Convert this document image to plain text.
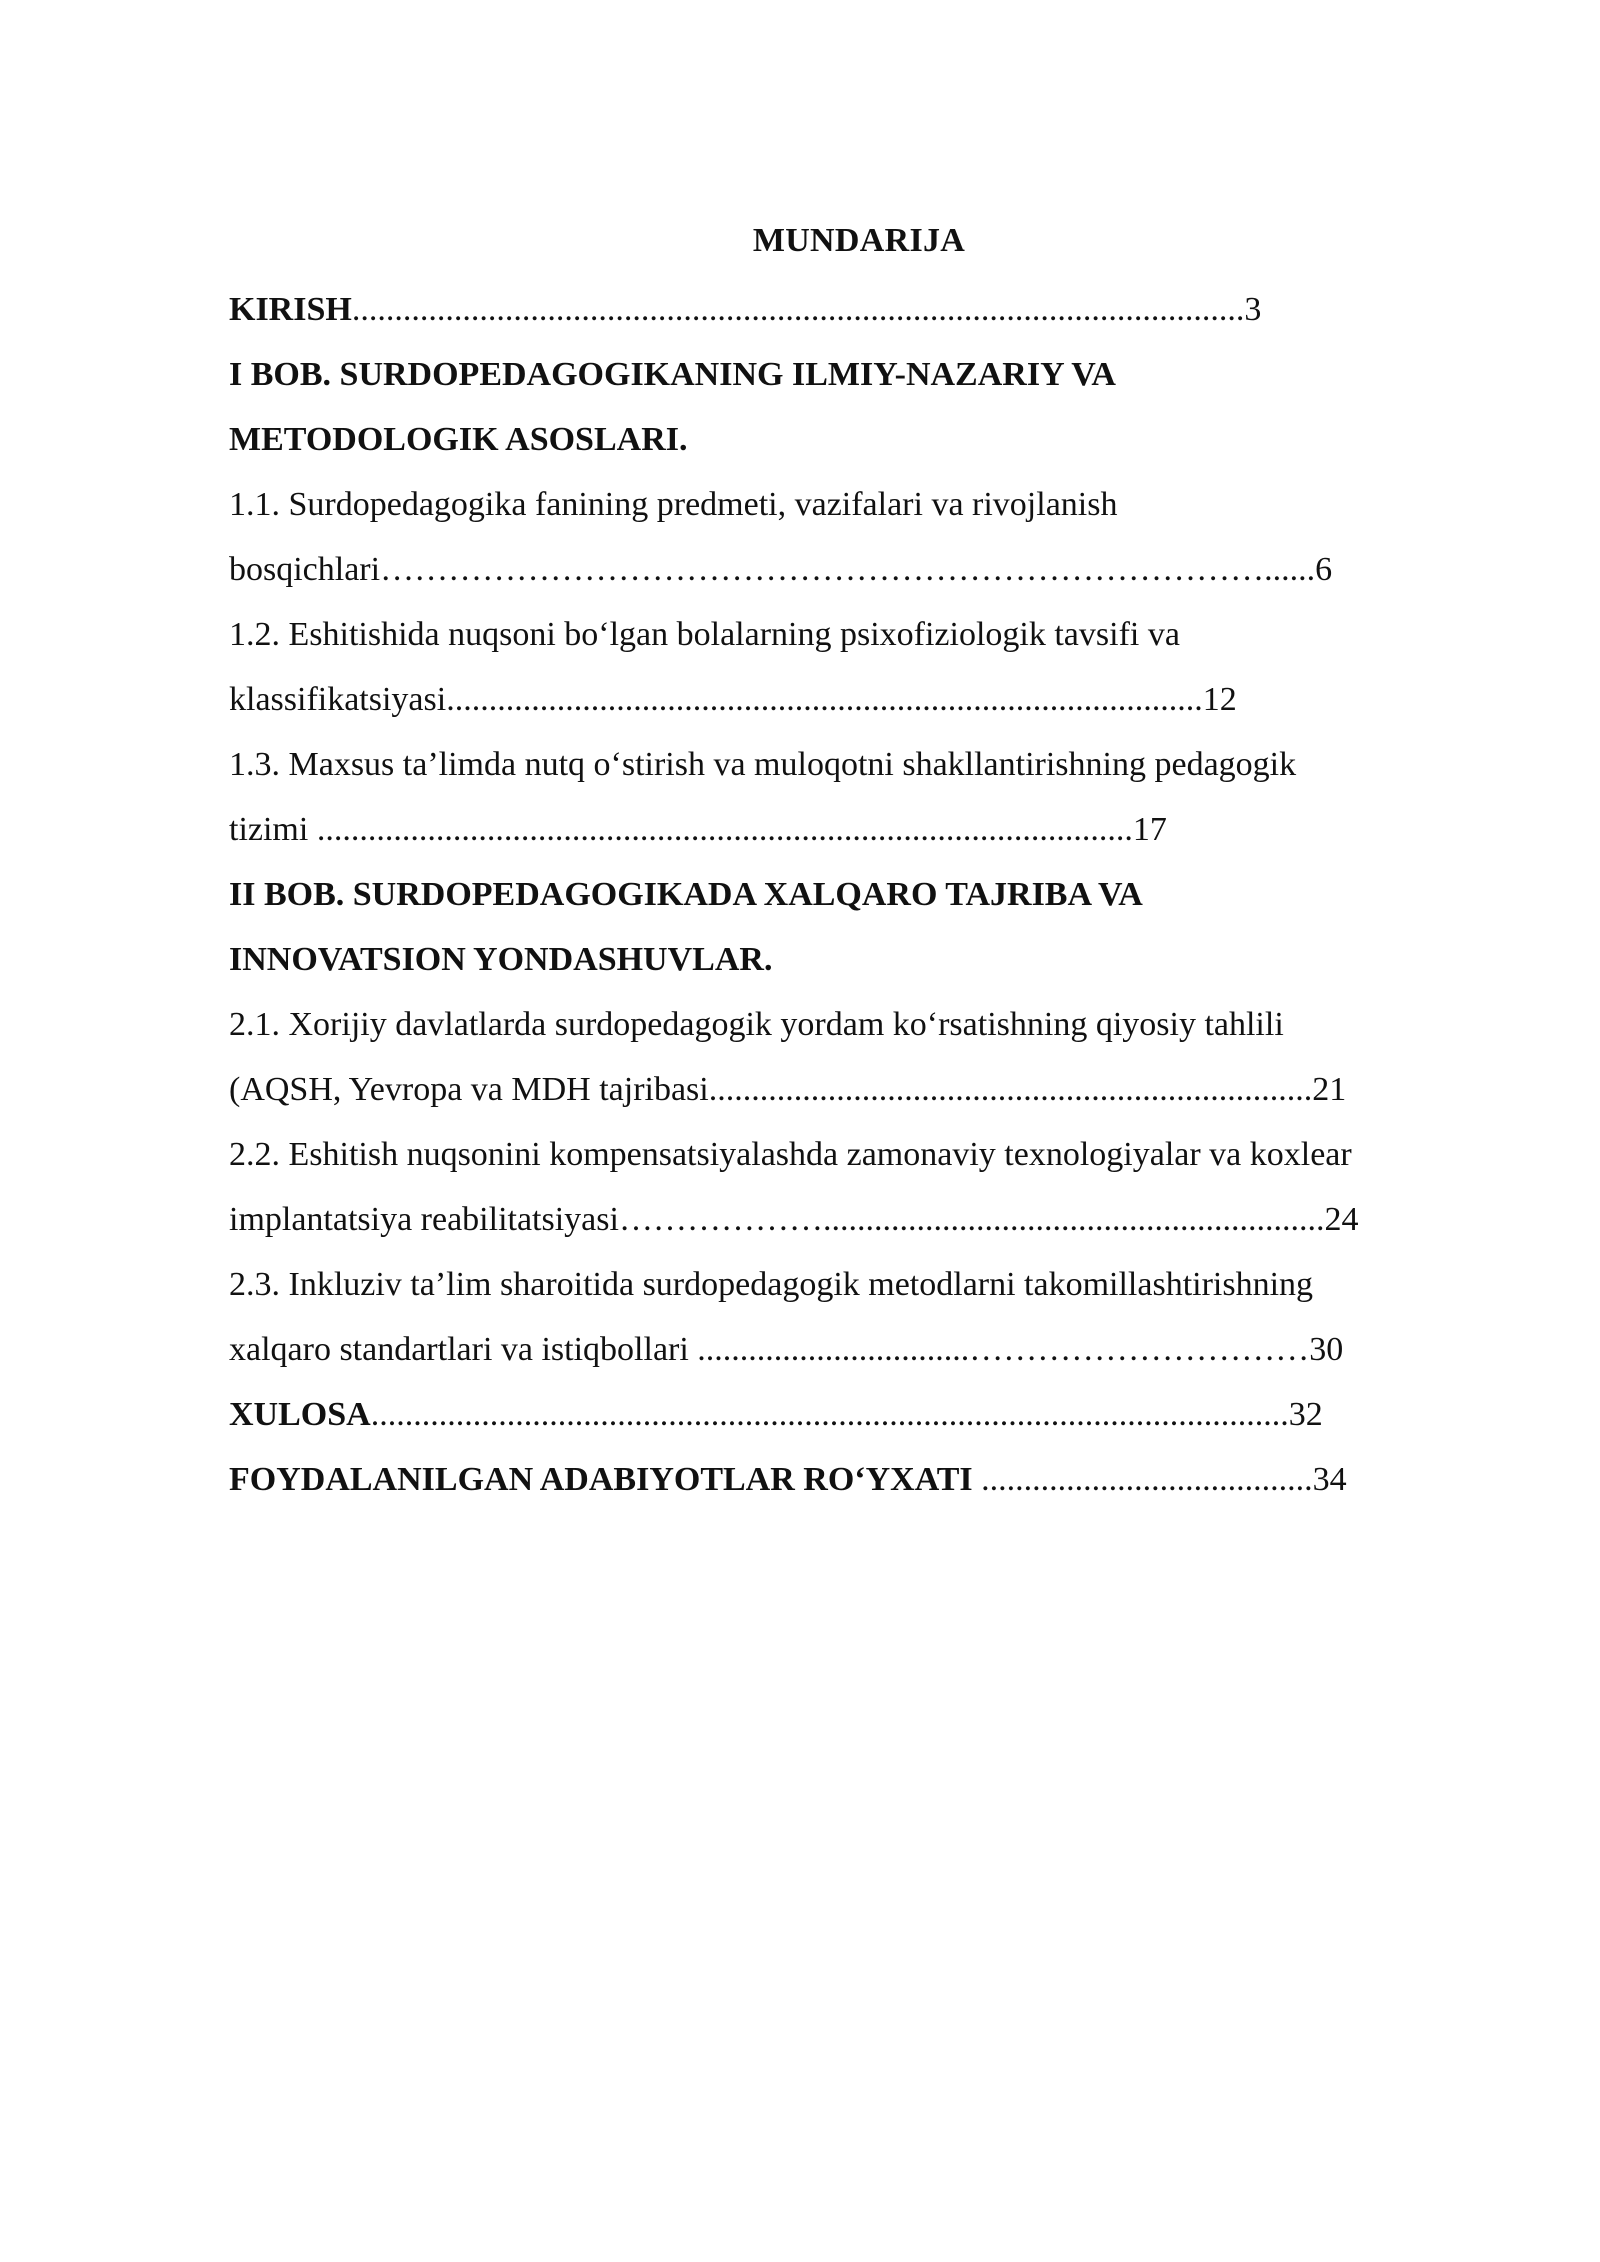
MUNDARIJA
KIRISH.........................................................................................................3
I BOB. SURDOPEDAGOGIKANING ILMIY-NAZARIY VA
METODOLOGIK ASOSLARI.
1.1. Surdopedagogika fanining predmeti, vazifalari va rivojlanish
bosqichlari……………………………………………………………………......6
1.2. Eshitishida nuqsoni bo‘lgan bolalarning psixofiziologik tavsifi va
klassifikatsiyasi.........................................................................................12
1.3. Maxsus ta’limda nutq o‘stirish va muloqotni shakllantirishning pedagogik
tizimi ................................................................................................17
II BOB. SURDOPEDAGOGIKADA XALQARO TAJRIBA VA
INNOVATSION YONDASHUVLAR.
2.1. Xorijiy davlatlarda surdopedagogik yordam ko‘rsatishning qiyosiy tahlili
(AQSH, Yevropa va MDH tajribasi.......................................................................21
2.2. Eshitish nuqsonini kompensatsiyalashda zamonaviy texnologiyalar va koxlear
implantatsiya reabilitatsiyasi………………...........................................................24
2.3. Inkluziv ta’lim sharoitida surdopedagogik metodlarni takomillashtirishning
xalqaro standartlari va istiqbollari ................................…………………………30
XULOSA............................................................................................................32
FOYDALANILGAN ADABIYOTLAR RO‘YXATI .......................................34
